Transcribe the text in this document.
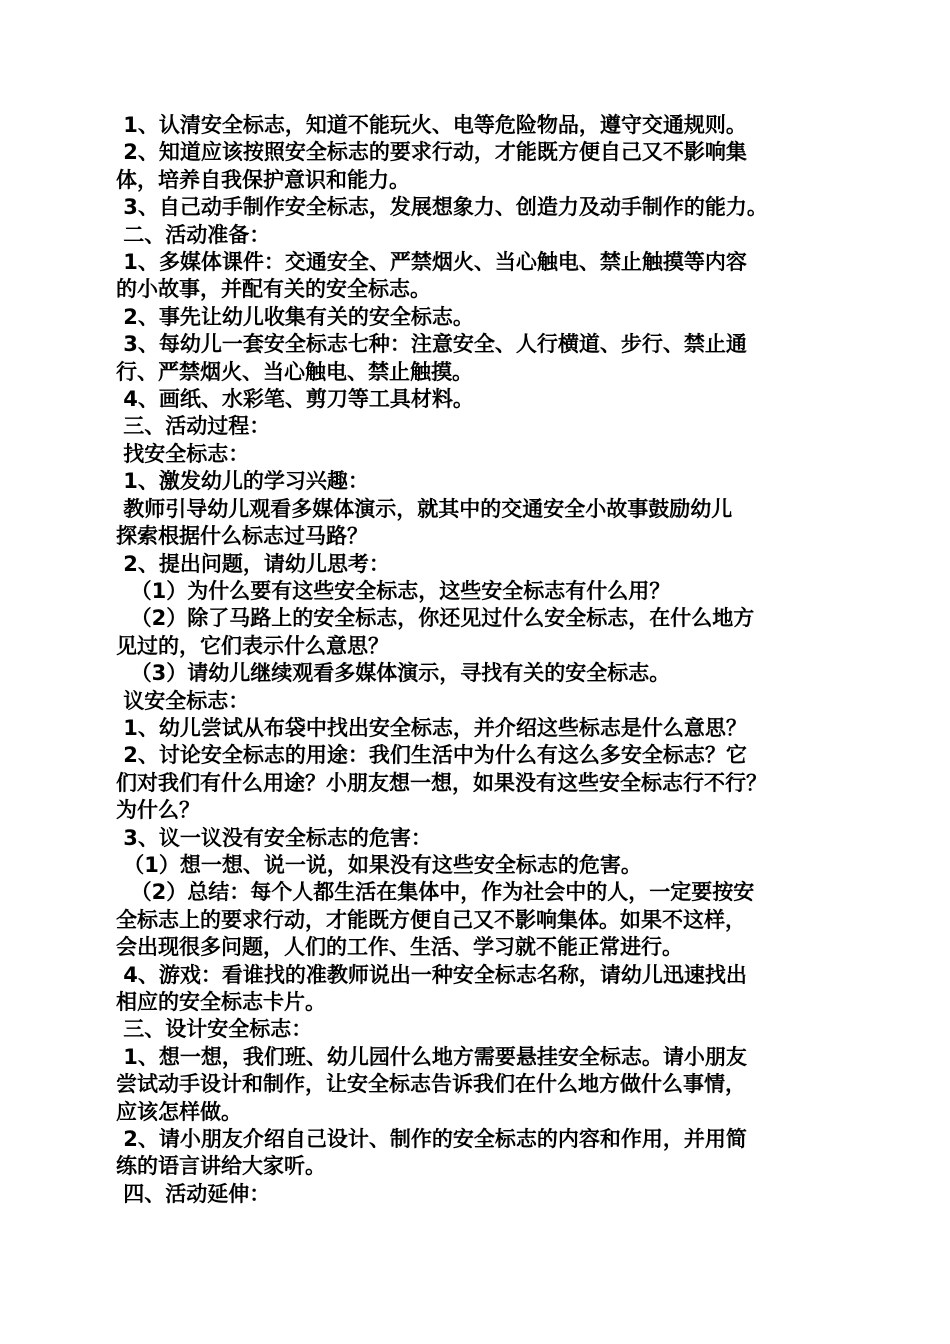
1、认清安全标志，知道不能玩火、电等危险物品，遵守交通规则。

2、知道应该按照安全标志的要求行动，才能既方便自己又不影响集

体，培养自我保护意识和能力。

3、自己动手制作安全标志，发展想象力、创造力及动手制作的能力。

二、活动准备：

1、多媒体课件：交通安全、严禁烟火、当心触电、禁止触摸等内容

的小故事，并配有关的安全标志。

2、事先让幼儿收集有关的安全标志。

3、每幼儿一套安全标志七种：注意安全、人行横道、步行、禁止通

行、严禁烟火、当心触电、禁止触摸。

4、画纸、水彩笔、剪刀等工具材料。

三、活动过程：

找安全标志：

1、激发幼儿的学习兴趣：

教师引导幼儿观看多媒体演示，就其中的交通安全小故事鼓励幼儿

探索根据什么标志过马路？

2、提出问题，请幼儿思考：

（1）为什么要有这些安全标志，这些安全标志有什么用？

（2）除了马路上的安全标志，你还见过什么安全标志，在什么地方

见过的，它们表示什么意思？

（3）请幼儿继续观看多媒体演示，寻找有关的安全标志。

议安全标志：

1、幼儿尝试从布袋中找出安全标志，并介绍这些标志是什么意思？

2、讨论安全标志的用途：我们生活中为什么有这么多安全标志？它

们对我们有什么用途？小朋友想一想，如果没有这些安全标志行不行？

为什么？

3、议一议没有安全标志的危害：

（1）想一想、说一说，如果没有这些安全标志的危害。

（2）总结：每个人都生活在集体中，作为社会中的人，一定要按安

全标志上的要求行动，才能既方便自己又不影响集体。如果不这样，

会出现很多问题，人们的工作、生活、学习就不能正常进行。

4、游戏：看谁找的准教师说出一种安全标志名称，请幼儿迅速找出

相应的安全标志卡片。

三、设计安全标志：

1、想一想，我们班、幼儿园什么地方需要悬挂安全标志。请小朋友

尝试动手设计和制作，让安全标志告诉我们在什么地方做什么事情，

应该怎样做。

2、请小朋友介绍自己设计、制作的安全标志的内容和作用，并用简

练的语言讲给大家听。

四、活动延伸：
